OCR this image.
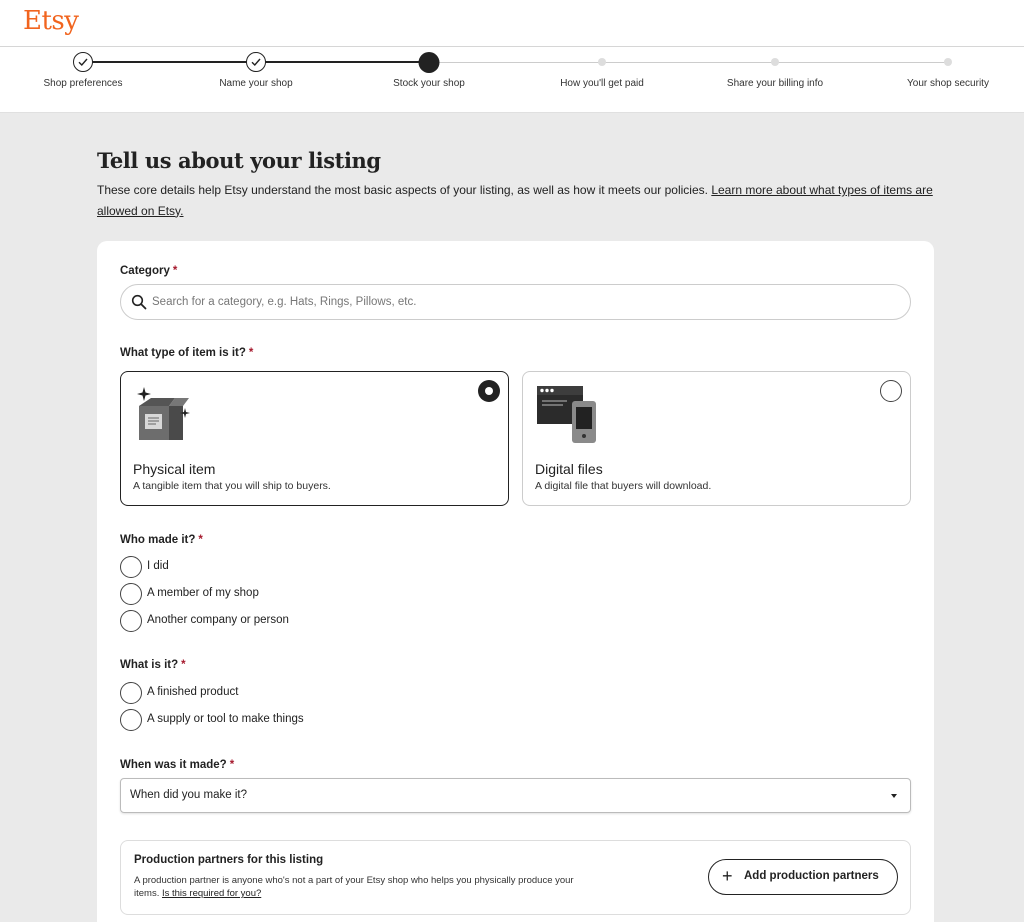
Etsy
Shop preferences	Name your shop	Stock your shop	How you'll get paid	Share your billing info	Your shop security
Tell us about your listing

These core details help Etsy understand the most basic aspects of your listing, as well as how it meets our policies. Learn more about what types of items are allowed on Etsy.

Category *
Search for a category, e.g. Hats, Rings, Pillows, etc.
What type of item is it? *
Physical item
A tangible item that you will ship to buyers.
Digital files
A digital file that buyers will download.
Who made it? *
I did
A member of my shop
Another company or person
What is it? *
A finished product
A supply or tool to make things
When was it made? *
When did you make it?
Production partners for this listing
A production partner is anyone who's not a part of your Etsy shop who helps you physically produce your items. Is this required for you?
+ Add production partners
